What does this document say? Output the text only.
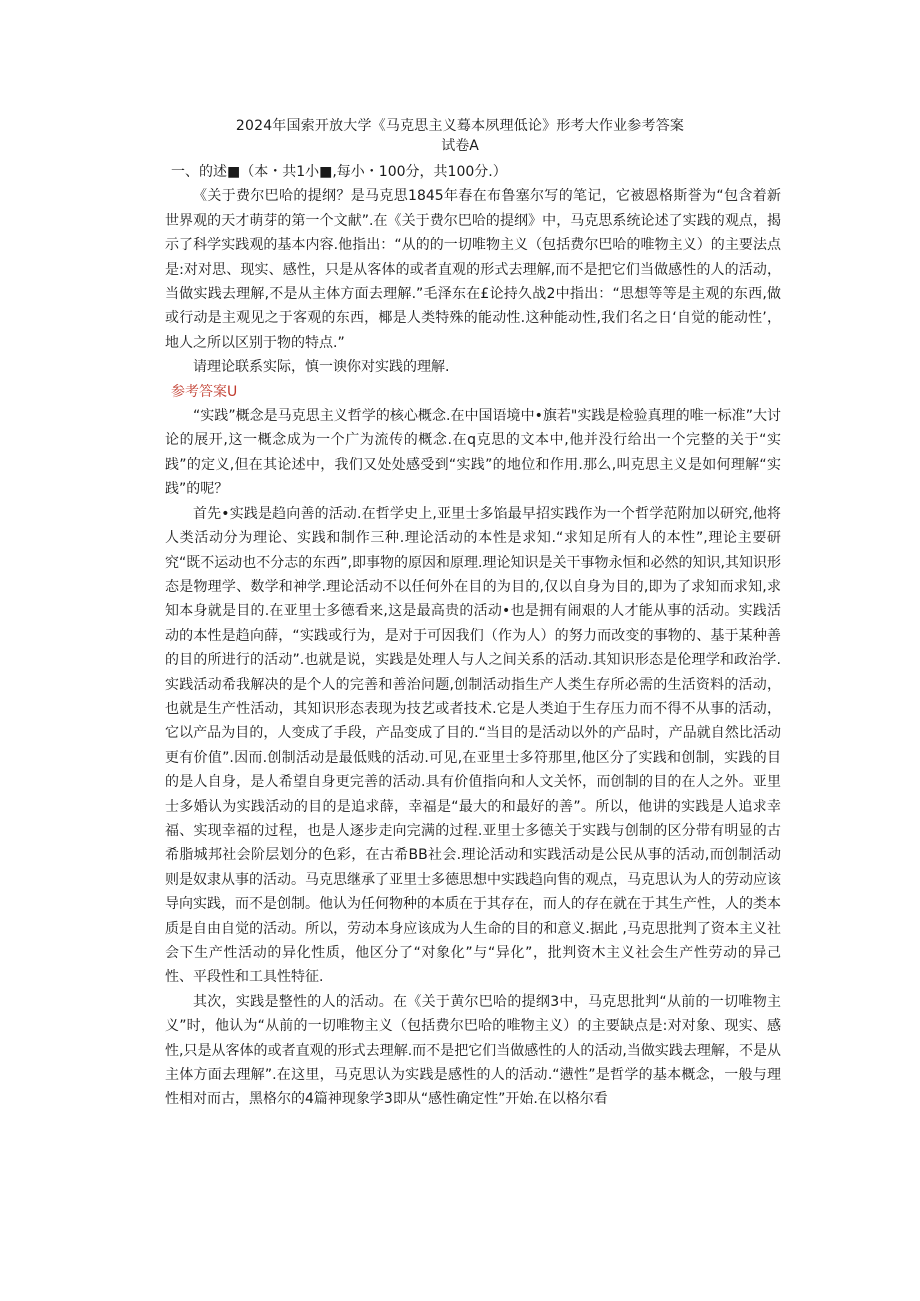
2024年国索开放大学《马克思主义蓦本夙理低论》形考大作业参考答案
试卷A

一、的述■（本・共1小■,每小・100分，共100分.）

《关于费尔巴哈的提纲？是马克思1845年春在布鲁塞尔写的笔记，它被恩格斯誉为“包含着新世界观的天才萌芽的第一个文献”.在《关于费尔巴哈的提纲》中，马克思系统论述了实践的观点，揭示了科学实践观的基本内容.他指出：“从的的一切唯物主义（包括费尔巴哈的唯物主义）的主要法点是:对对思、现实、感性，只是从客体的或者直观的形式去理解,而不是把它们当做感性的人的活动，当做实践去理解,不是从主体方面去理解.”毛泽东在£论持久战2中指出：“思想等等是主观的东西,做或行动是主观见之于客观的东西，椰是人类特殊的能动性.这种能动性,我们名之日‘自觉的能动性’，地人之所以区别于物的特点.”

请理论联系实际，慎一谀你对实践的理解.

参考答案U

“实践”概念是马克思主义哲学的核心概念.在中国语境中•旗若"实践是检验真理的唯一标准”大讨论的展开,这一概念成为一个广为流传的概念.在q克思的文本中,他并没行给出一个完整的关于“实践”的定义,但在其论述中，我们又处处感受到“实践”的地位和作用.那么,叫克思主义是如何理解“实践”的呢？

首先•实践是趋向善的活动.在哲学史上,亚里士多馅最早招实践作为一个哲学范附加以研究,他将人类活动分为理论、实践和制作三种.理论活动的本性是求知.“求知足所有人的本性”,理论主要研究“既不运动也不分志的东西”,即事物的原因和原理.理论知识是关干事物永恒和必然的知识,其知识形态是物理学、数学和神学.理论活动不以任何外在目的为目的,仅以自身为目的,即为了求知而求知,求知本身就是目的.在亚里士多德看来,这是最高贵的活动•也是拥有闹艰的人才能从事的活动。实践活动的本性是趋向薛，“实践或行为，是对于可因我们（作为人）的努力而改变的事物的、基于某种善的目的所进行的活动”.也就是说，实践是处理人与人之间关系的活动.其知识形态是伦理学和政治学.实践活动希我解决的是个人的完善和善治问题,创制活动指生产人类生存所必需的生活资料的活动，也就是生产性活动，其知识形态表现为技艺或者技术.它是人类迫于生存压力而不得不从事的活动，它以产品为目的，人变成了手段，产品变成了目的.“当目的是活动以外的产品时，产品就自然比活动更有价值”.因而.创制活动是最低贱的活动.可见,在亚里士多符那里,他区分了实践和创制，实践的目的是人自身，是人希望自身更完善的活动.具有价值指向和人文关怀，而创制的目的在人之外。亚里士多婚认为实践活动的目的是追求薛，幸福是“最大的和最好的善”。所以，他讲的实践是人追求幸福、实现幸福的过程，也是人逐步走向完满的过程.亚里士多德关于实践与创制的区分带有明显的古希脂城邦社会阶层划分的色彩，在古希BB社会.理论活动和实践活动是公民从事的活动,而创制活动则是奴隶从事的活动。马克思继承了亚里士多德思想中实践趋向售的观点，马克思认为人的劳动应该导向实践，而不是创制。他认为任何物种的本质在于其存在，而人的存在就在于其生产性，人的类本质是自由自觉的活动。所以，劳动本身应该成为人生命的目的和意义.据此 ,马克思批判了资本主义社会下生产性活动的异化性质，他区分了“对象化”与“异化”，批判资木主义社会生产性劳动的异己性、平段性和工具性特征.

其次，实践是整性的人的活动。在《关于黄尔巴哈的提纲3中，马克思批判“从前的一切唯物主义”时，他认为“从前的一切唯物主义（包括费尔巴哈的唯物主义）的主要缺点是:对对象、现实、感性,只是从客体的或者直观的形式去理解.而不是把它们当做感性的人的活动,当做实践去理解，不是从主体方面去理解”.在这里，马克思认为实践是感性的人的活动.“懑性”是哲学的基本概念，一般与理性相对而古，黑格尔的4篇神现象学3即从“感性确定性”开始.在以格尔看
